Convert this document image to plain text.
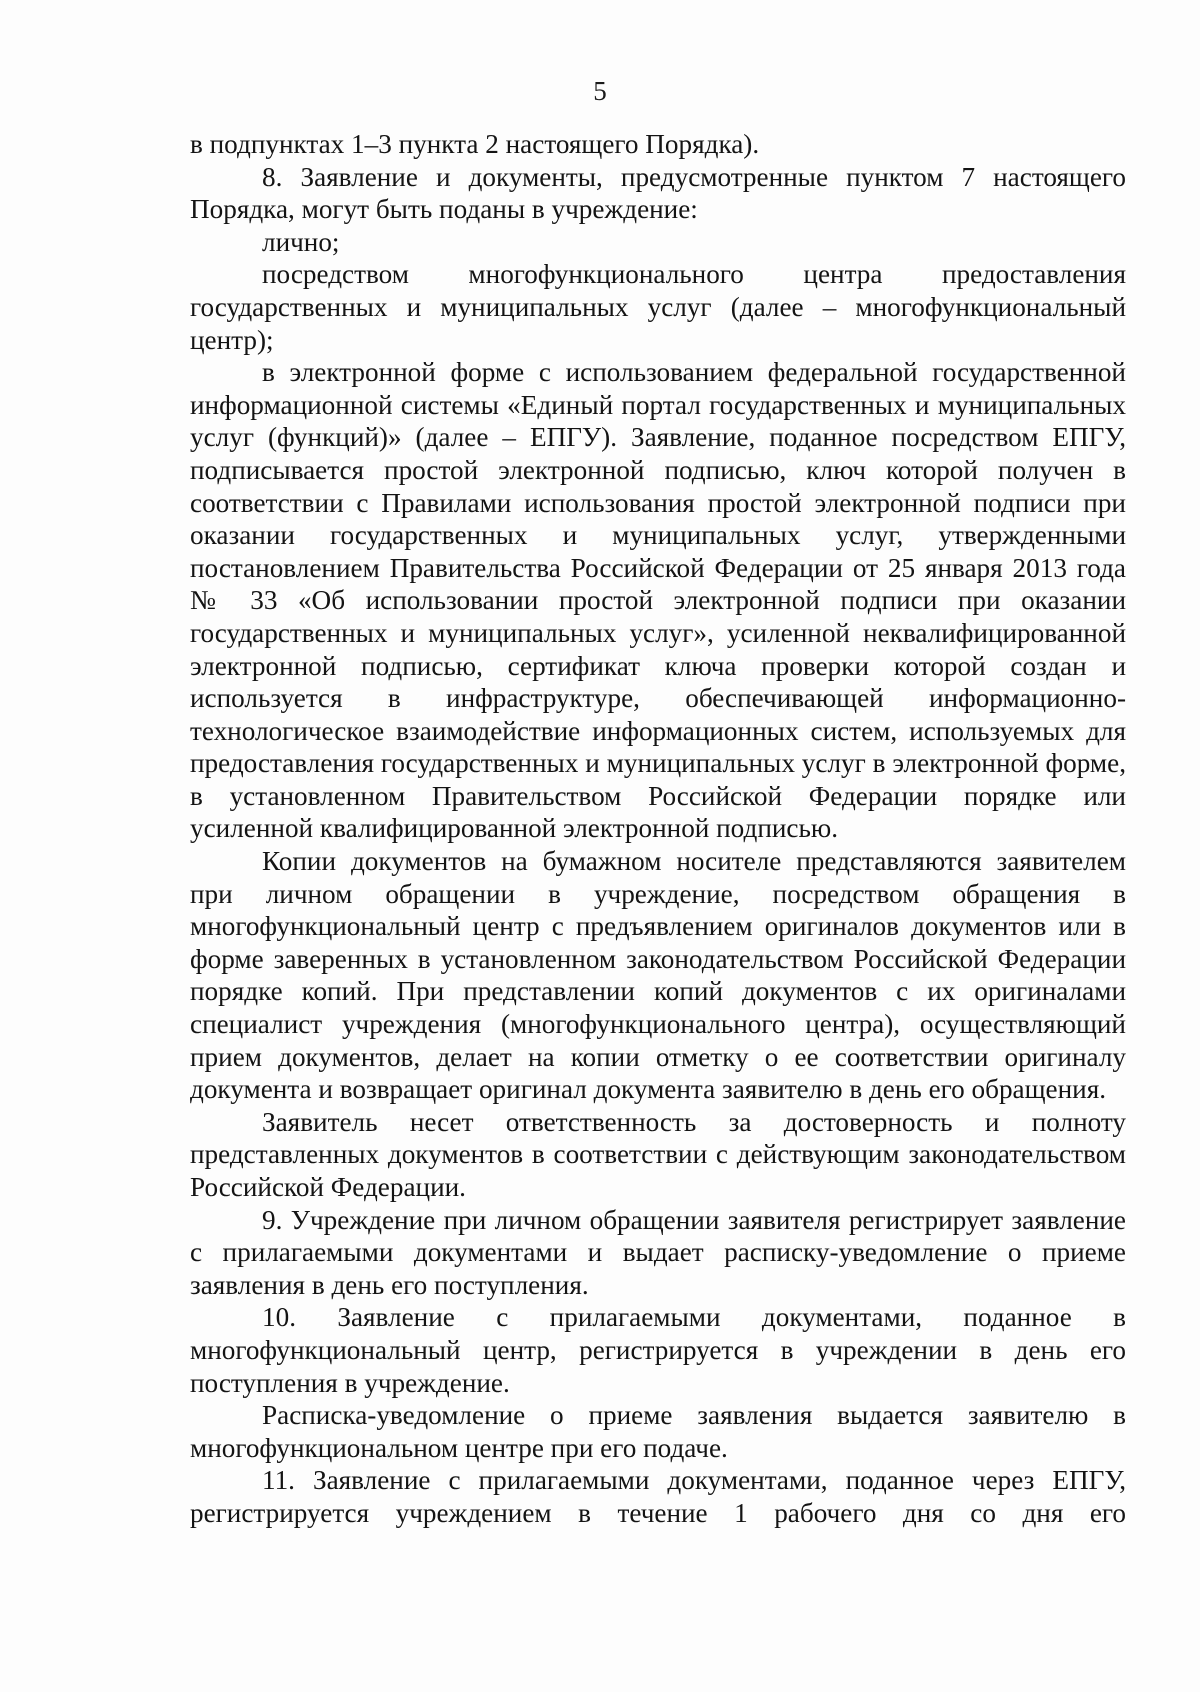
5

в подпунктах 1–3 пункта 2 настоящего Порядка).

8. Заявление и документы, предусмотренные пунктом 7 настоящего Порядка, могут быть поданы в учреждение:

лично;

посредством многофункционального центра предоставления государственных и муниципальных услуг (далее – многофункциональный центр);

в электронной форме с использованием федеральной государственной информационной системы «Единый портал государственных и муниципальных услуг (функций)» (далее – ЕПГУ). Заявление, поданное посредством ЕПГУ, подписывается простой электронной подписью, ключ которой получен в соответствии с Правилами использования простой электронной подписи при оказании государственных и муниципальных услуг, утвержденными постановлением Правительства Российской Федерации от 25 января 2013 года № 33 «Об использовании простой электронной подписи при оказании государственных и муниципальных услуг», усиленной неквалифицированной электронной подписью, сертификат ключа проверки которой создан и используется в инфраструктуре, обеспечивающей информационно-технологическое взаимодействие информационных систем, используемых для предоставления государственных и муниципальных услуг в электронной форме, в установленном Правительством Российской Федерации порядке или усиленной квалифицированной электронной подписью.

Копии документов на бумажном носителе представляются заявителем при личном обращении в учреждение, посредством обращения в многофункциональный центр с предъявлением оригиналов документов или в форме заверенных в установленном законодательством Российской Федерации порядке копий. При представлении копий документов с их оригиналами специалист учреждения (многофункционального центра), осуществляющий прием документов, делает на копии отметку о ее соответствии оригиналу документа и возвращает оригинал документа заявителю в день его обращения.

Заявитель несет ответственность за достоверность и полноту представленных документов в соответствии с действующим законодательством Российской Федерации.

9. Учреждение при личном обращении заявителя регистрирует заявление с прилагаемыми документами и выдает расписку-уведомление о приеме заявления в день его поступления.

10. Заявление с прилагаемыми документами, поданное в многофункциональный центр, регистрируется в учреждении в день его поступления в учреждение.

Расписка-уведомление о приеме заявления выдается заявителю в многофункциональном центре при его подаче.

11. Заявление с прилагаемыми документами, поданное через ЕПГУ, регистрируется учреждением в течение 1 рабочего дня со дня его
